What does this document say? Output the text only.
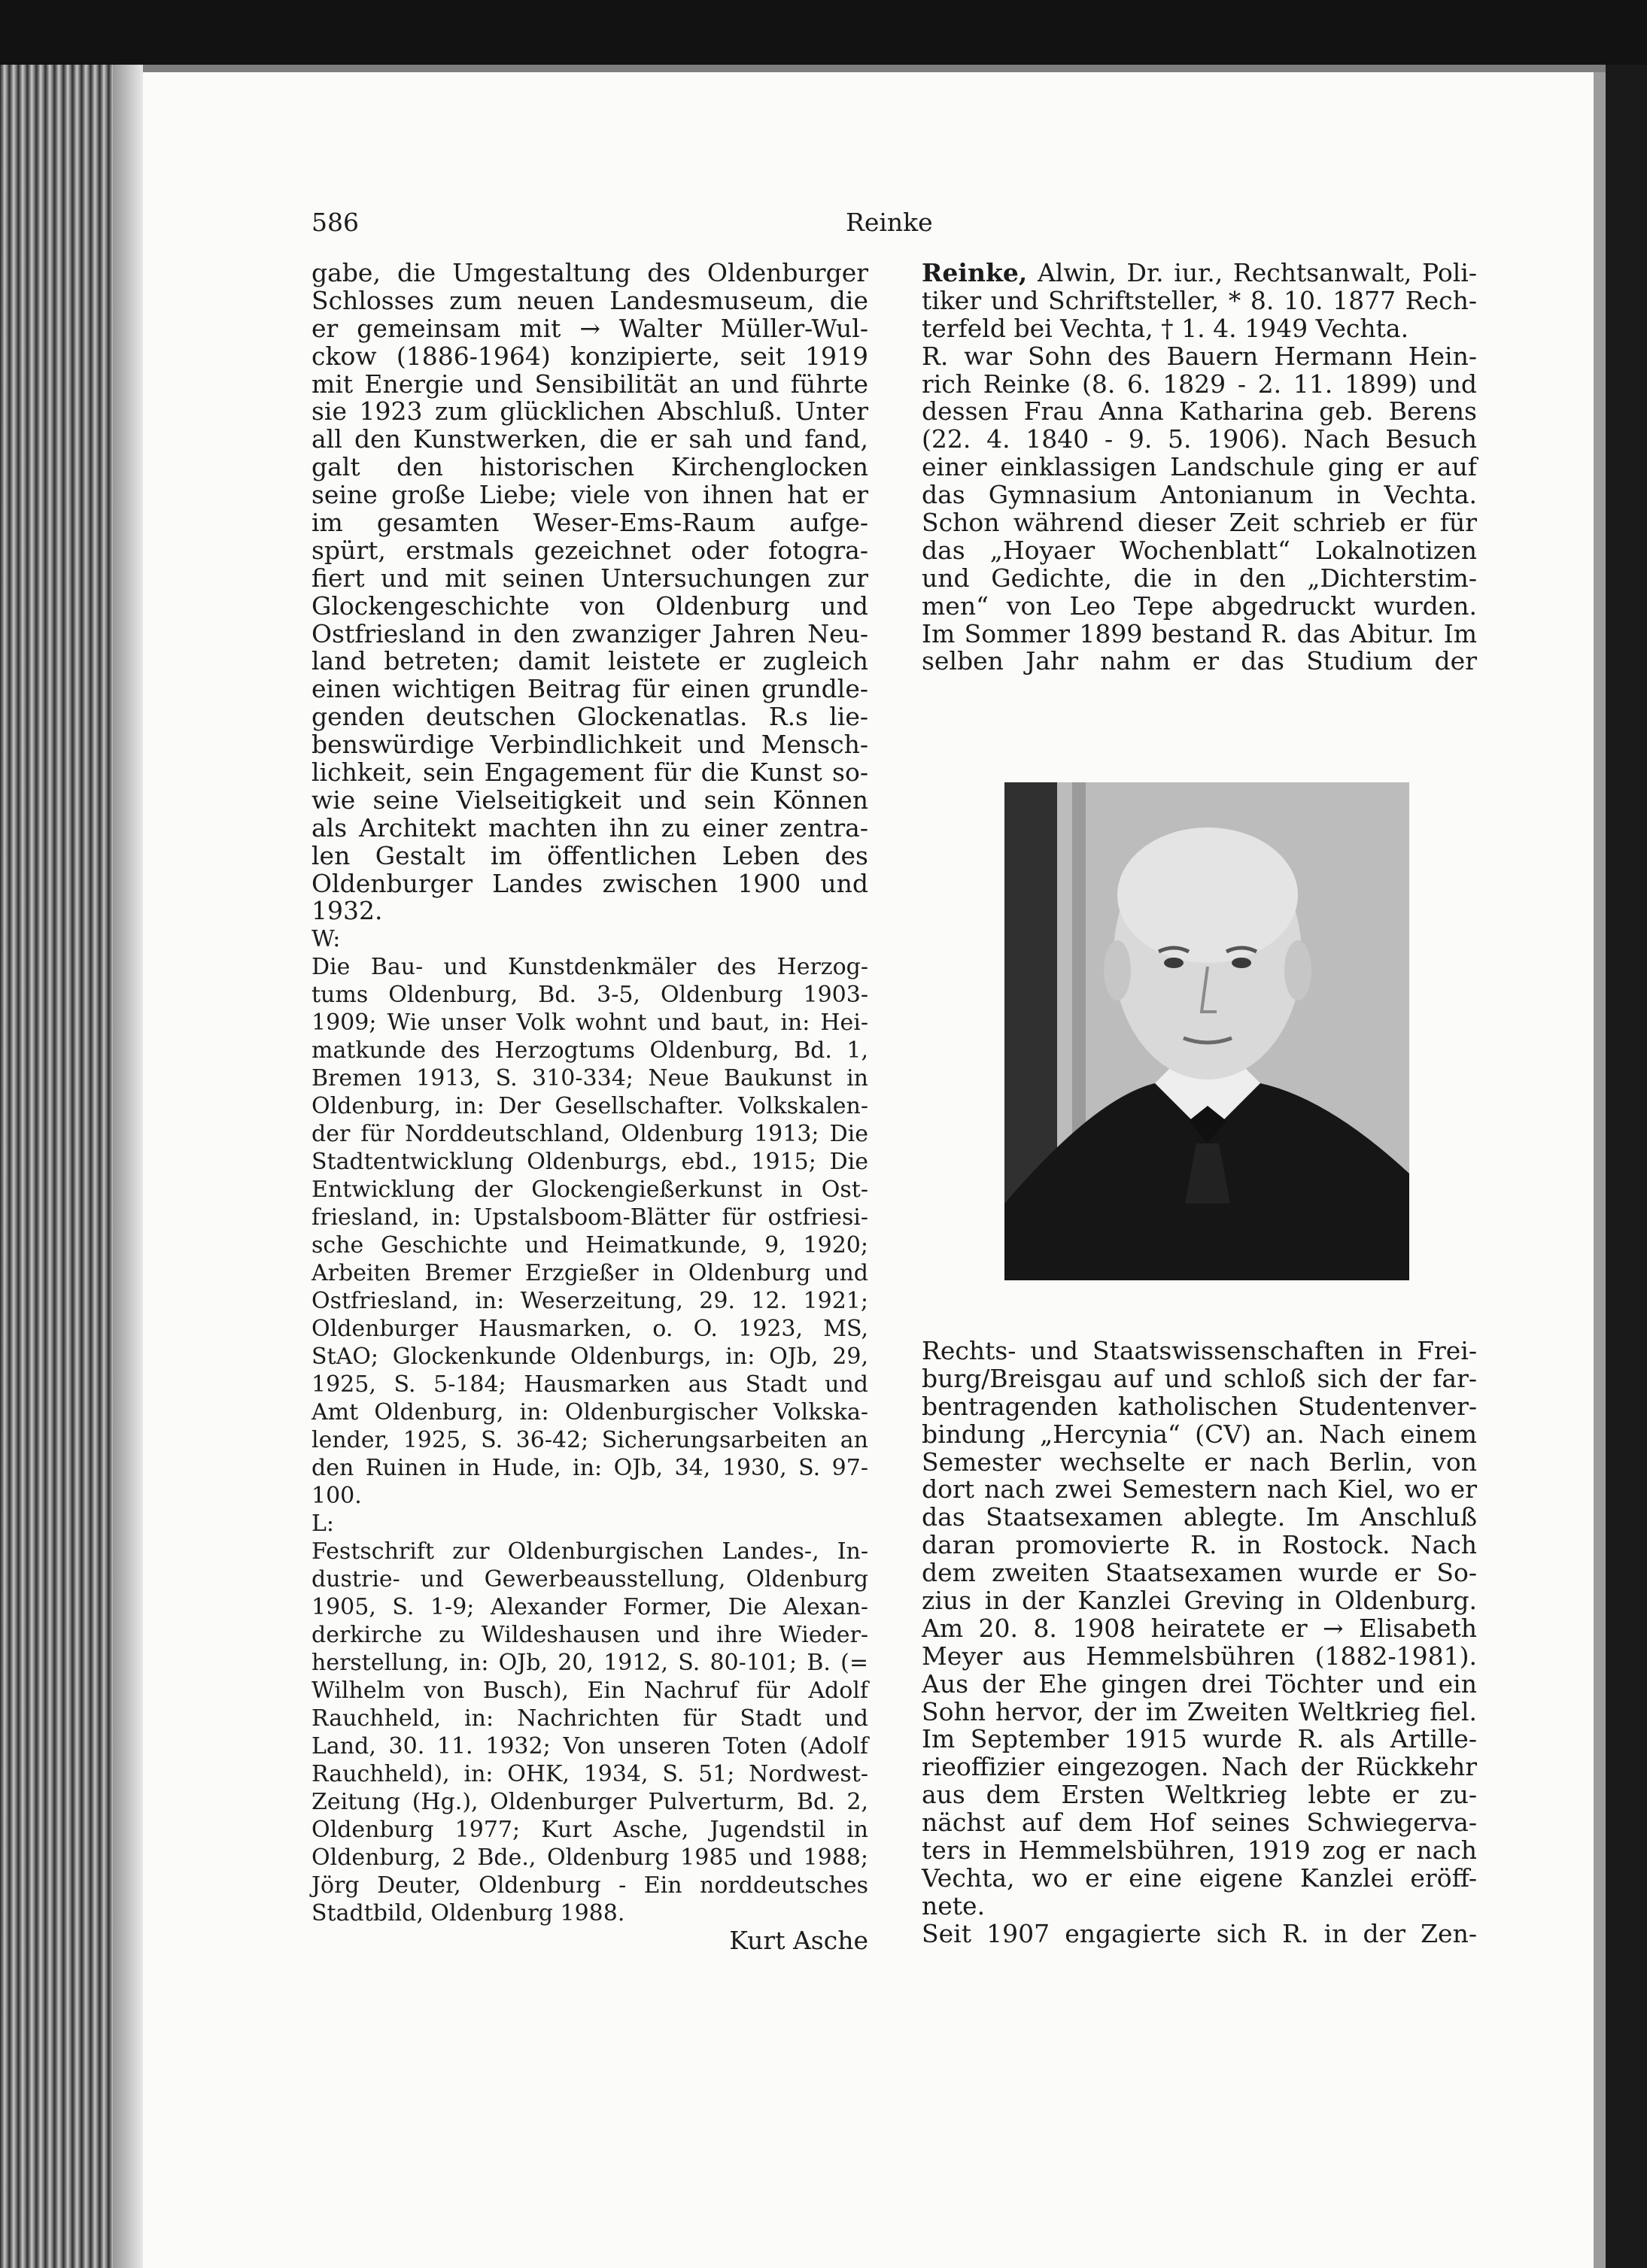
586	Reinke
gabe, die Umgestaltung des Oldenburger
Schlosses zum neuen Landesmuseum, die
er gemeinsam mit → Walter Müller-Wul-
ckow (1886-1964) konzipierte, seit 1919
mit Energie und Sensibilität an und führte
sie 1923 zum glücklichen Abschluß. Unter
all den Kunstwerken, die er sah und fand,
galt den historischen Kirchenglocken
seine große Liebe; viele von ihnen hat er
im gesamten Weser-Ems-Raum aufge-
spürt, erstmals gezeichnet oder fotogra-
fiert und mit seinen Untersuchungen zur
Glockengeschichte von Oldenburg und
Ostfriesland in den zwanziger Jahren Neu-
land betreten; damit leistete er zugleich
einen wichtigen Beitrag für einen grundle-
genden deutschen Glockenatlas. R.s lie-
benswürdige Verbindlichkeit und Mensch-
lichkeit, sein Engagement für die Kunst so-
wie seine Vielseitigkeit und sein Können
als Architekt machten ihn zu einer zentra-
len Gestalt im öffentlichen Leben des
Oldenburger Landes zwischen 1900 und
1932.
W:
Die Bau- und Kunstdenkmäler des Herzog-
tums Oldenburg, Bd. 3-5, Oldenburg 1903-
1909; Wie unser Volk wohnt und baut, in: Hei-
matkunde des Herzogtums Oldenburg, Bd. 1,
Bremen 1913, S. 310-334; Neue Baukunst in
Oldenburg, in: Der Gesellschafter. Volkskalen-
der für Norddeutschland, Oldenburg 1913; Die
Stadtentwicklung Oldenburgs, ebd., 1915; Die
Entwicklung der Glockengießerkunst in Ost-
friesland, in: Upstalsboom-Blätter für ostfriesi-
sche Geschichte und Heimatkunde, 9, 1920;
Arbeiten Bremer Erzgießer in Oldenburg und
Ostfriesland, in: Weserzeitung, 29. 12. 1921;
Oldenburger Hausmarken, o. O. 1923, MS,
StAO; Glockenkunde Oldenburgs, in: OJb, 29,
1925, S. 5-184; Hausmarken aus Stadt und
Amt Oldenburg, in: Oldenburgischer Volkska-
lender, 1925, S. 36-42; Sicherungsarbeiten an
den Ruinen in Hude, in: OJb, 34, 1930, S. 97-
100.
L:
Festschrift zur Oldenburgischen Landes-, In-
dustrie- und Gewerbeausstellung, Oldenburg
1905, S. 1-9; Alexander Former, Die Alexan-
derkirche zu Wildeshausen und ihre Wieder-
herstellung, in: OJb, 20, 1912, S. 80-101; B. (=
Wilhelm von Busch), Ein Nachruf für Adolf
Rauchheld, in: Nachrichten für Stadt und
Land, 30. 11. 1932; Von unseren Toten (Adolf
Rauchheld), in: OHK, 1934, S. 51; Nordwest-
Zeitung (Hg.), Oldenburger Pulverturm, Bd. 2,
Oldenburg 1977; Kurt Asche, Jugendstil in
Oldenburg, 2 Bde., Oldenburg 1985 und 1988;
Jörg Deuter, Oldenburg - Ein norddeutsches
Stadtbild, Oldenburg 1988.
Kurt Asche
Reinke, Alwin, Dr. iur., Rechtsanwalt, Poli-
tiker und Schriftsteller, * 8. 10. 1877 Rech-
terfeld bei Vechta, † 1. 4. 1949 Vechta.
R. war Sohn des Bauern Hermann Hein-
rich Reinke (8. 6. 1829 - 2. 11. 1899) und
dessen Frau Anna Katharina geb. Berens
(22. 4. 1840 - 9. 5. 1906). Nach Besuch
einer einklassigen Landschule ging er auf
das Gymnasium Antonianum in Vechta.
Schon während dieser Zeit schrieb er für
das „Hoyaer Wochenblatt“ Lokalnotizen
und Gedichte, die in den „Dichterstim-
men“ von Leo Tepe abgedruckt wurden.
Im Sommer 1899 bestand R. das Abitur. Im
selben Jahr nahm er das Studium der
Rechts- und Staatswissenschaften in Frei-
burg/Breisgau auf und schloß sich der far-
bentragenden katholischen Studentenver-
bindung „Hercynia“ (CV) an. Nach einem
Semester wechselte er nach Berlin, von
dort nach zwei Semestern nach Kiel, wo er
das Staatsexamen ablegte. Im Anschluß
daran promovierte R. in Rostock. Nach
dem zweiten Staatsexamen wurde er So-
zius in der Kanzlei Greving in Oldenburg.
Am 20. 8. 1908 heiratete er → Elisabeth
Meyer aus Hemmelsbühren (1882-1981).
Aus der Ehe gingen drei Töchter und ein
Sohn hervor, der im Zweiten Weltkrieg fiel.
Im September 1915 wurde R. als Artille-
rieoffizier eingezogen. Nach der Rückkehr
aus dem Ersten Weltkrieg lebte er zu-
nächst auf dem Hof seines Schwiegerva-
ters in Hemmelsbühren, 1919 zog er nach
Vechta, wo er eine eigene Kanzlei eröff-
nete.
Seit 1907 engagierte sich R. in der Zen-
